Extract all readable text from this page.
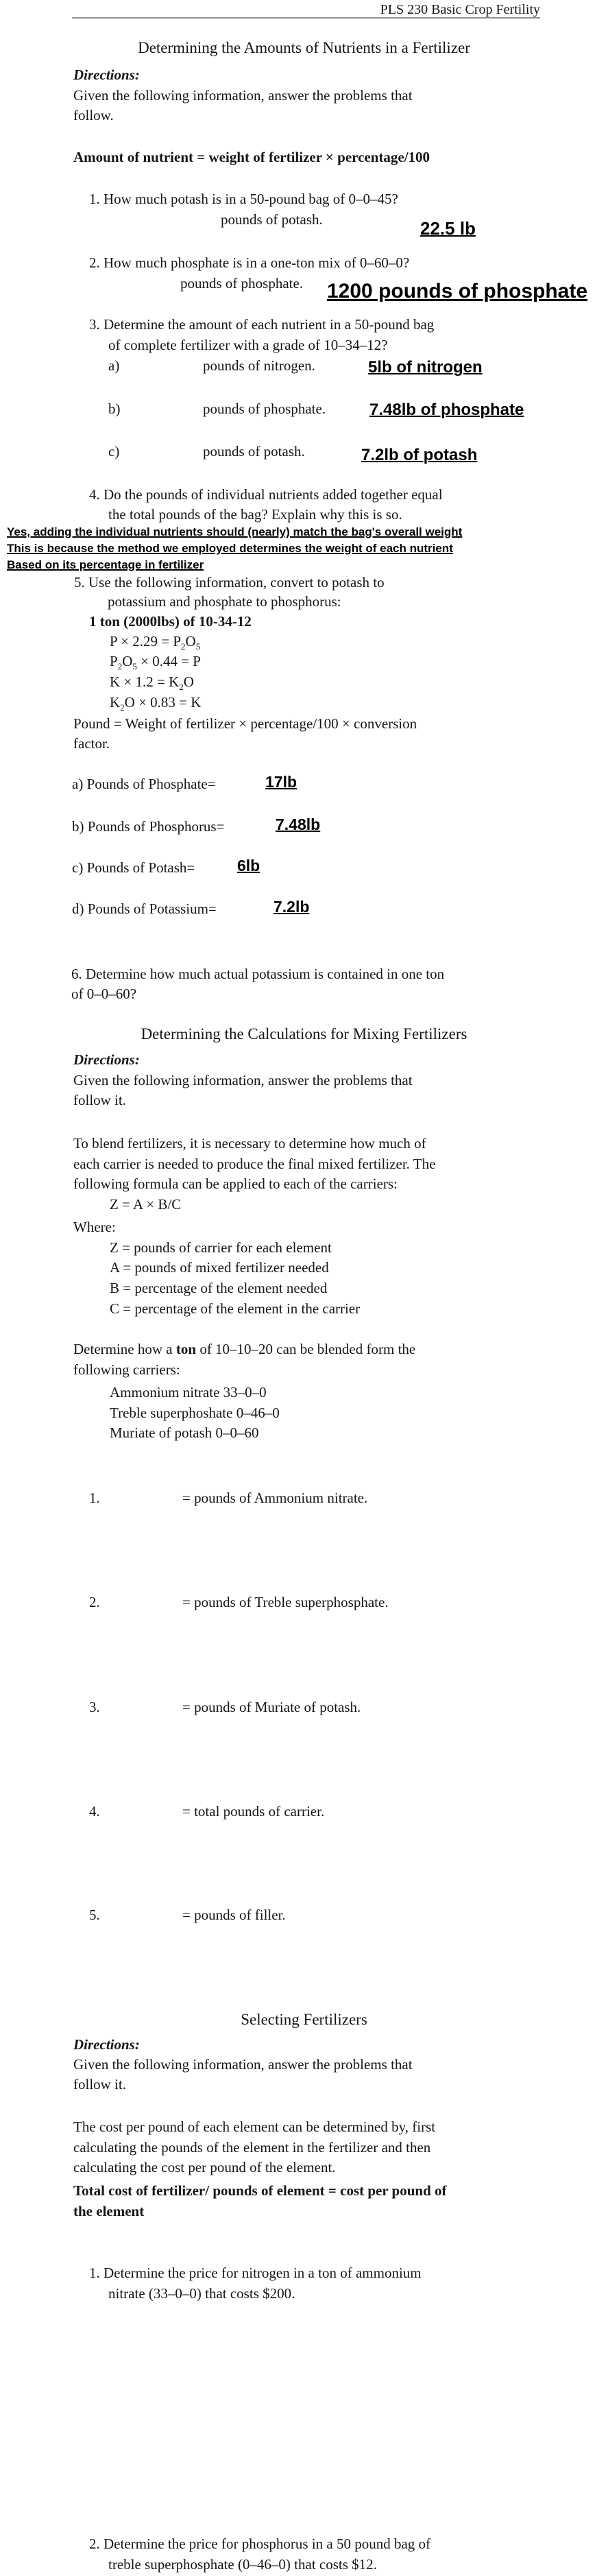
PLS 230 Basic Crop Fertility
Determining the Amounts of Nutrients in a Fertilizer
Directions:
Given the following information, answer the problems that
follow.
Amount of nutrient = weight of fertilizer × percentage/100
1. How much potash is in a 50-pound bag of 0–0–45?
pounds of potash.	22.5 lb
2. How much phosphate is in a one-ton mix of 0–60–0?
pounds of phosphate. 1200 pounds of phosphate
3. Determine the amount of each nutrient in a 50-pound bag
of complete fertilizer with a grade of 10–34–12?
a)	pounds of nitrogen.	5lb of nitrogen
b)	pounds of phosphate.	7.48lb of phosphate
c)	pounds of potash.	7.2lb of potash
4. Do the pounds of individual nutrients added together equal
the total pounds of the bag? Explain why this is so.
Yes, adding the individual nutrients should (nearly) match the bag's overall weight
This is because the method we employed determines the weight of each nutrient
Based on its percentage in fertilizer
5. Use the following information, convert to potash to
potassium and phosphate to phosphorus:
1 ton (2000lbs) of 10-34-12
$P \times 2.29 = P_2O_5$
$P_2O_5 \times 0.44 = P$
$K \times 1.2 = K_2O$
$K_2O \times 0.83 = K$
Pound = Weight of fertilizer × percentage/100 × conversion
factor.
a) Pounds of Phosphate=	17lb
b) Pounds of Phosphorus=	7.48lb
c) Pounds of Potash=	6lb
d) Pounds of Potassium=	7.2lb
6. Determine how much actual potassium is contained in one ton
of 0–0–60?
Determining the Calculations for Mixing Fertilizers
Directions:
Given the following information, answer the problems that
follow it.
To blend fertilizers, it is necessary to determine how much of
each carrier is needed to produce the final mixed fertilizer. The
following formula can be applied to each of the carriers:
Z = A × B/C
Where:
Z = pounds of carrier for each element
A = pounds of mixed fertilizer needed
B = percentage of the element needed
C = percentage of the element in the carrier
Determine how a ton of 10–10–20 can be blended form the
following carriers:
Ammonium nitrate 33–0–0
Treble superphoshate 0–46–0
Muriate of potash 0–0–60
1.	= pounds of Ammonium nitrate.
2.	= pounds of Treble superphosphate.
3.	= pounds of Muriate of potash.
4.	= total pounds of carrier.
5.	= pounds of filler.
Selecting Fertilizers
Directions:
Given the following information, answer the problems that
follow it.
The cost per pound of each element can be determined by, first
calculating the pounds of the element in the fertilizer and then
calculating the cost per pound of the element.
Total cost of fertilizer/ pounds of element = cost per pound of
the element
1. Determine the price for nitrogen in a ton of ammonium
nitrate (33–0–0) that costs $200.
2. Determine the price for phosphorus in a 50 pound bag of
treble superphosphate (0–46–0) that costs $12.
